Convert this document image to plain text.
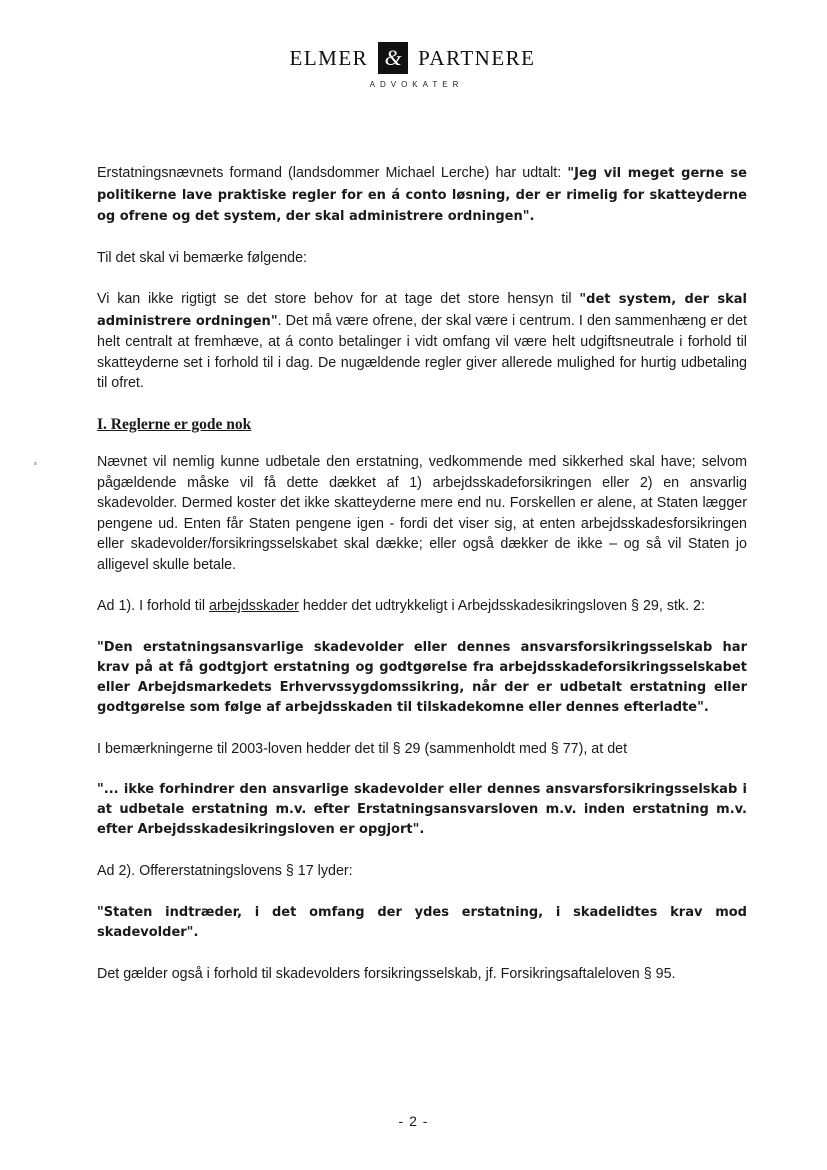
ELMER & PARTNERE
ADVOKATER
ˢ

Erstatningsnævnets formand (landsdommer Michael Lerche) har udtalt: "Jeg vil meget gerne se politikerne lave praktiske regler for en á conto løsning, der er rimelig for skatteyderne og ofrene og det system, der skal administrere ordningen".

Til det skal vi bemærke følgende:

Vi kan ikke rigtigt se det store behov for at tage det store hensyn til "det system, der skal administrere ordningen". Det må være ofrene, der skal være i centrum. I den sammenhæng er det helt centralt at fremhæve, at á conto betalinger i vidt omfang vil være helt udgiftsneutrale i forhold til skatteyderne set i forhold til i dag. De nugældende regler giver allerede mulighed for hurtig udbetaling til ofret.

I. Reglerne er gode nok

Nævnet vil nemlig kunne udbetale den erstatning, vedkommende med sikkerhed skal have; selvom pågældende måske vil få dette dækket af 1) arbejdsskadeforsikringen eller 2) en ansvarlig skadevolder. Dermed koster det ikke skatteyderne mere end nu. Forskellen er alene, at Staten lægger pengene ud. Enten får Staten pengene igen - fordi det viser sig, at enten arbejdsskadesforsikringen eller skadevolder/forsikringsselskabet skal dække; eller også dækker de ikke – og så vil Staten jo alligevel skulle betale.

Ad 1). I forhold til arbejdsskader hedder det udtrykkeligt i Arbejdsskadesikringsloven § 29, stk. 2:

"Den erstatningsansvarlige skadevolder eller dennes ansvarsforsikringsselskab har krav på at få godtgjort erstatning og godtgørelse fra arbejdsskadeforsikringsselskabet eller Arbejdsmarkedets Erhvervssygdomssikring, når der er udbetalt erstatning eller godtgørelse som følge af arbejdsskaden til tilskadekomne eller dennes efterladte".

I bemærkningerne til 2003-loven hedder det til § 29 (sammenholdt med § 77), at det

"... ikke forhindrer den ansvarlige skadevolder eller dennes ansvarsforsikringsselskab i at udbetale erstatning m.v. efter Erstatningsansvarsloven m.v. inden erstatning m.v. efter Arbejdsskadesikringsloven er opgjort".

Ad 2). Offererstatningslovens § 17 lyder:

"Staten indtræder, i det omfang der ydes erstatning, i skadelidtes krav mod skadevolder".

Det gælder også i forhold til skadevolders forsikringsselskab, jf. Forsikringsaftaleloven § 95.

- 2 -
